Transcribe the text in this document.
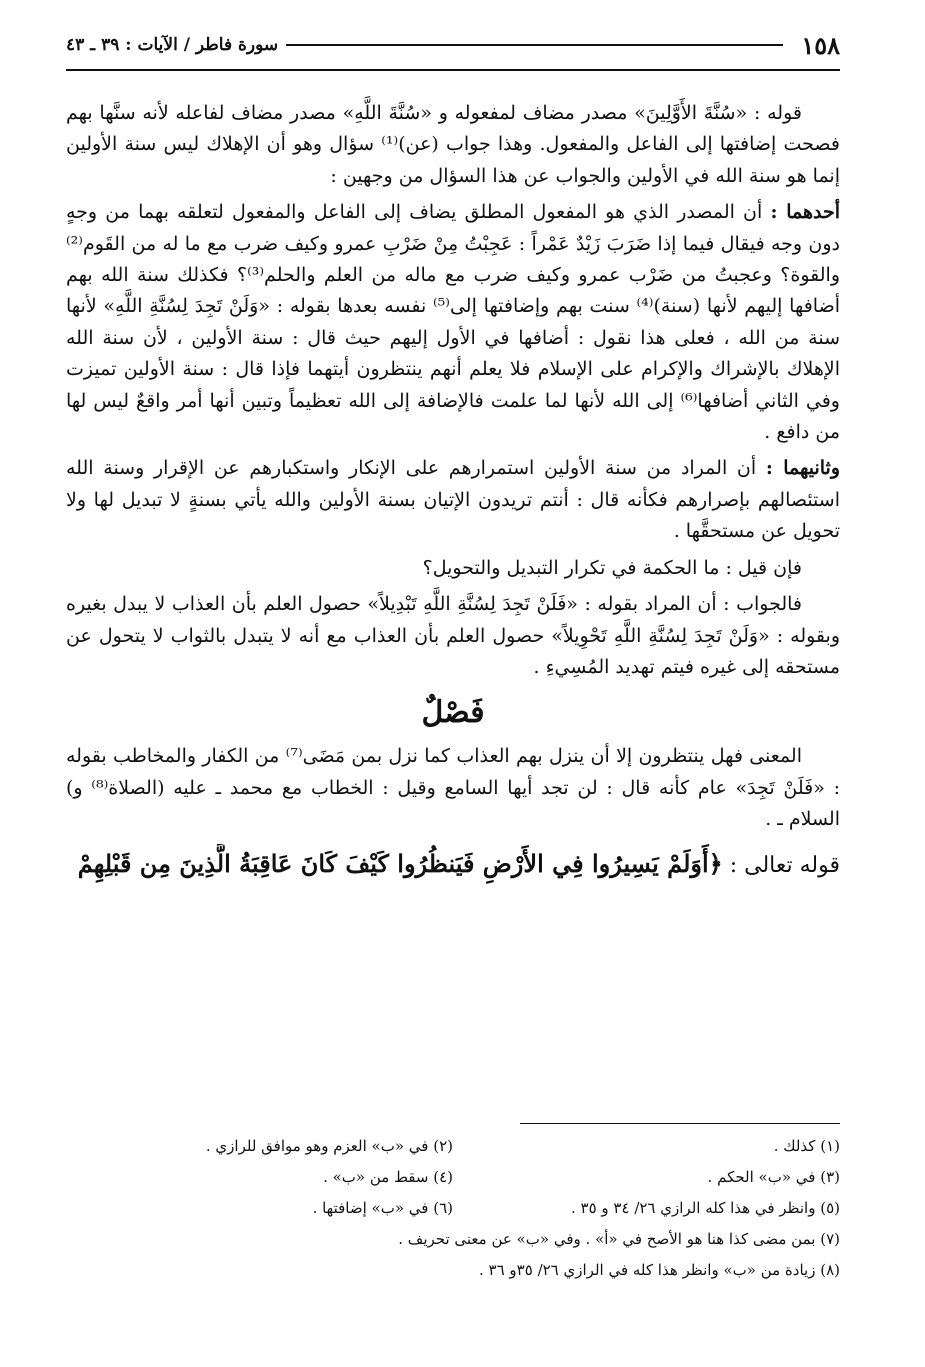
١٥٨
سورة فاطر / الآيات : ٣٩ ـ ٤٣

قوله : «سُنَّةَ الأَوَّلِينَ» مصدر مضاف لمفعوله و «سُنَّةَ اللَّهِ» مصدر مضاف لفاعله لأنه سنَّها بهم فصحت إضافتها إلى الفاعل والمفعول. وهذا جواب (عن)⁽¹⁾ سؤال وهو أن الإهلاك ليس سنة الأولين إنما هو سنة الله في الأولين والجواب عن هذا السؤال من وجهين :

أحدهما : أن المصدر الذي هو المفعول المطلق يضاف إلى الفاعل والمفعول لتعلقه بهما من وجهٍ دون وجه فيقال فيما إذا ضَرَبَ زَيْدٌ عَمْراً : عَجِبْتُ مِنْ ضَرْبِ عمرو وكيف ضرب مع ما له من القَوم⁽²⁾ والقوة؟ وعجبتُ من ضَرْب عمرو وكيف ضرب مع ماله من العلم والحلم⁽³⁾؟ فكذلك سنة الله بهم أضافها إليهم لأنها (سنة)⁽⁴⁾ سنت بهم وإضافتها إلى⁽⁵⁾ نفسه بعدها بقوله : «وَلَنْ تَجِدَ لِسُنَّةِ اللَّهِ» لأنها سنة من الله ، فعلى هذا نقول : أضافها في الأول إليهم حيث قال : سنة الأولين ، لأن سنة الله الإهلاك بالإشراك والإكرام على الإسلام فلا يعلم أنهم ينتظرون أيتهما فإذا قال : سنة الأولين تميزت وفي الثاني أضافها⁽⁶⁾ إلى الله لأنها لما علمت فالإضافة إلى الله تعظيماً وتبين أنها أمر واقعٌ ليس لها من دافع .

وثانيهما : أن المراد من سنة الأولين استمرارهم على الإنكار واستكبارهم عن الإقرار وسنة الله استئصالهم بإصرارهم فكأنه قال : أنتم تريدون الإتيان بسنة الأولين والله يأتي بسنةٍ لا تبديل لها ولا تحويل عن مستحقَّها .

فإن قيل : ما الحكمة في تكرار التبديل والتحويل؟

فالجواب : أن المراد بقوله : «فَلَنْ تَجِدَ لِسُنَّةِ اللَّهِ تَبْدِيلاً» حصول العلم بأن العذاب لا يبدل بغيره وبقوله : «وَلَنْ تَجِدَ لِسُنَّةِ اللَّهِ تَحْوِيلاً» حصول العلم بأن العذاب مع أنه لا يتبدل بالثواب لا يتحول عن مستحقه إلى غيره فيتم تهديد المُسِيءِ .

فَصْلٌ

المعنى فهل ينتظرون إلا أن ينزل بهم العذاب كما نزل بمن مَضَى⁽⁷⁾ من الكفار والمخاطب بقوله : «فَلَنْ تَجِدَ» عام كأنه قال : لن تجد أيها السامع وقيل : الخطاب مع محمد ـ عليه (الصلاة⁽⁸⁾ و) السلام ـ .

قوله تعالى : ﴿أَوَلَمْ يَسِيرُوا فِي الأَرْضِ فَيَنظُرُوا كَيْفَ كَانَ عَاقِبَةُ الَّذِينَ مِن قَبْلِهِمْ
(١) كذلك .
(٢) في «ب» العزم وهو موافق للرازي .
(٣) في «ب» الحكم .
(٤) سقط من «ب» .
(٥) وانظر في هذا كله الرازي ٢٦/ ٣٤ و ٣٥ .
(٦) في «ب» إضافتها .
(٧) بمن مضى كذا هنا هو الأصح في «أ» . وفي «ب» عن معنى تحريف .
(٨) زيادة من «ب» وانظر هذا كله في الرازي ٢٦/ ٣٥و ٣٦ .
